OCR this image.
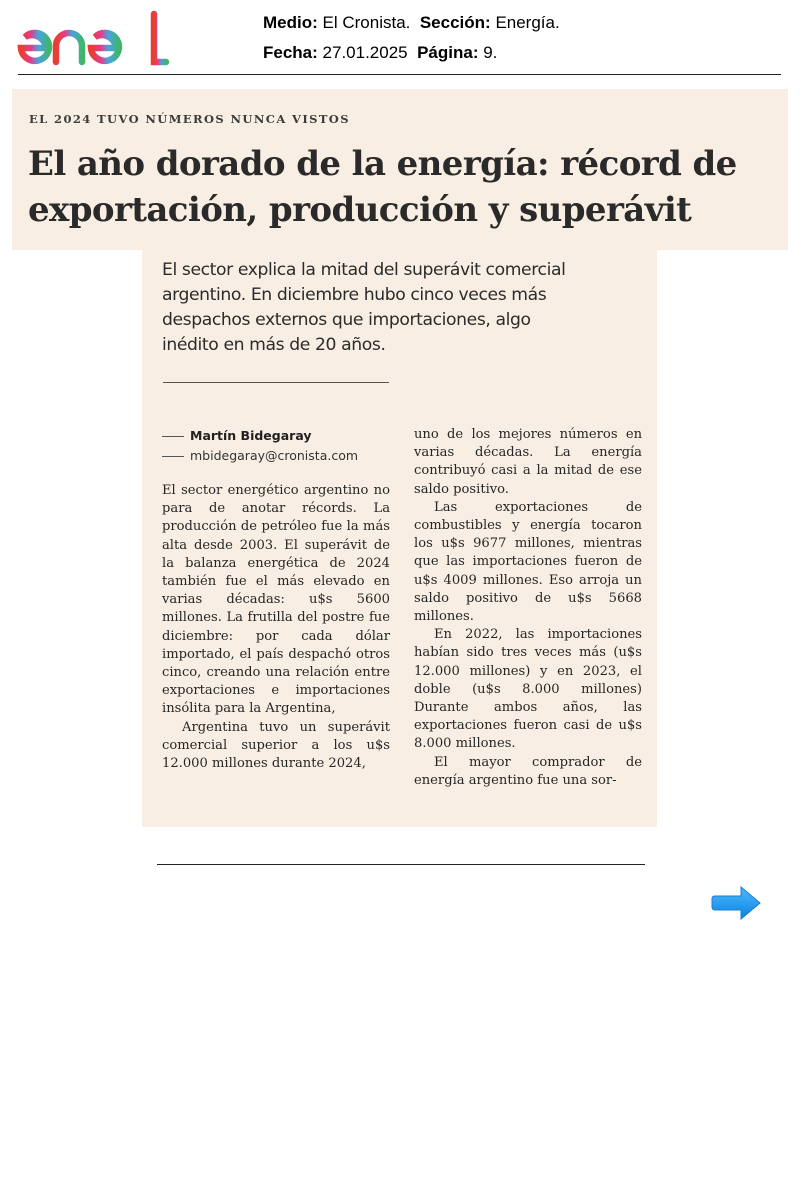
Medio: El Cronista. Sección: Energía.
Fecha: 27.01.2025 Página: 9.
EL 2024 TUVO NÚMEROS NUNCA VISTOS
El año dorado de la energía: récord de exportación, producción y superávit
El sector explica la mitad del superávit comercial argentino. En diciembre hubo cinco veces más despachos externos que importaciones, algo inédito en más de 20 años.
Martín Bidegaray
mbidegaray@cronista.com

El sector energético argentino no para de anotar récords. La producción de petróleo fue la más alta desde 2003. El superávit de la balanza energética de 2024 también fue el más elevado en varias décadas: u$s 5600 millones. La frutilla del postre fue diciembre: por cada dólar importado, el país despachó otros cinco, creando una relación entre exportaciones e importaciones insólita para la Argentina,

Argentina tuvo un superávit comercial superior a los u$s 12.000 millones durante 2024,

uno de los mejores números en varias décadas. La energía contribuyó casi a la mitad de ese saldo positivo.

Las exportaciones de combustibles y energía tocaron los u$s 9677 millones, mientras que las importaciones fueron de u$s 4009 millones. Eso arroja un saldo positivo de u$s 5668 millones.

En 2022, las importaciones habían sido tres veces más (u$s 12.000 millones) y en 2023, el doble (u$s 8.000 millones) Durante ambos años, las exportaciones fueron casi de u$s 8.000 millones.

El mayor comprador de energía argentino fue una sor-
